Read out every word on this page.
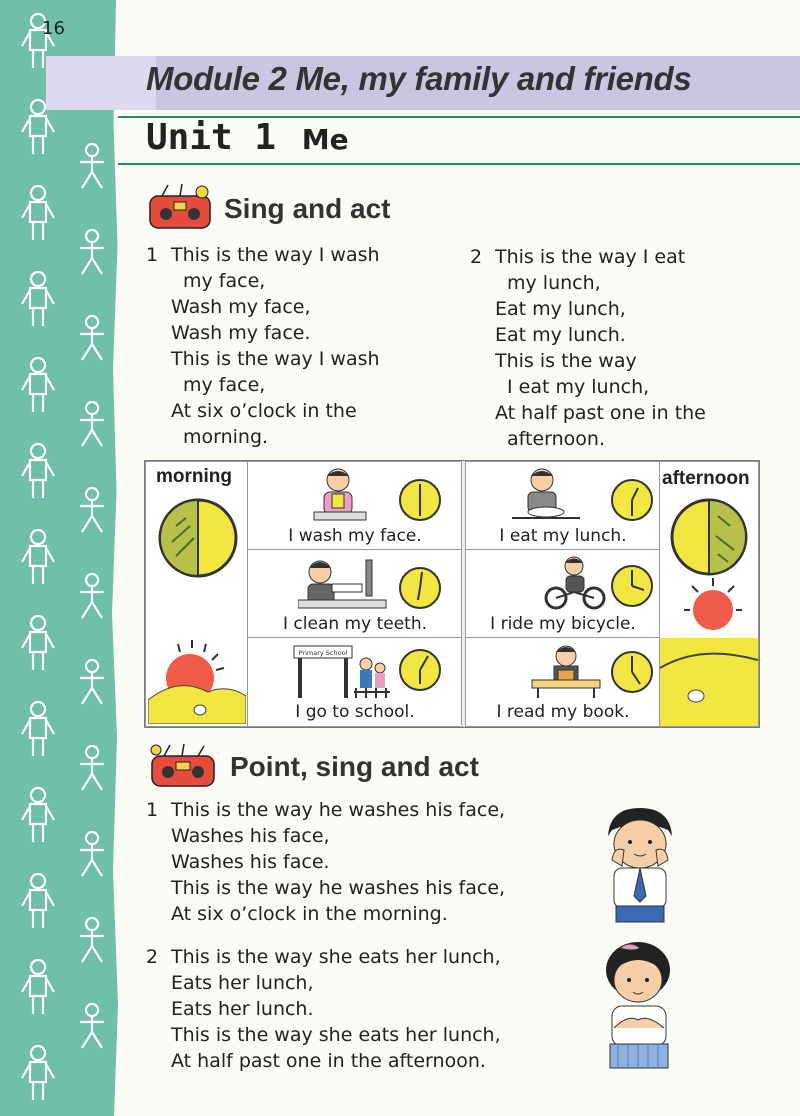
16
Module 2 Me, my family and friends
Unit 1 Me
Sing and act
1 This is the way I wash
my face,
Wash my face,
Wash my face.
This is the way I wash
my face,
At six o’clock in the
morning.
2 This is the way I eat
my lunch,
Eat my lunch,
Eat my lunch.
This is the way
I eat my lunch,
At half past one in the
afternoon.
morning
I wash my face.
I clean my teeth.
Primary School
I go to school.
I eat my lunch.
I ride my bicycle.
I read my book.
afternoon
Point, sing and act
1 This is the way he washes his face,
Washes his face,
Washes his face.
This is the way he washes his face,
At six o’clock in the morning.
2 This is the way she eats her lunch,
Eats her lunch,
Eats her lunch.
This is the way she eats her lunch,
At half past one in the afternoon.
